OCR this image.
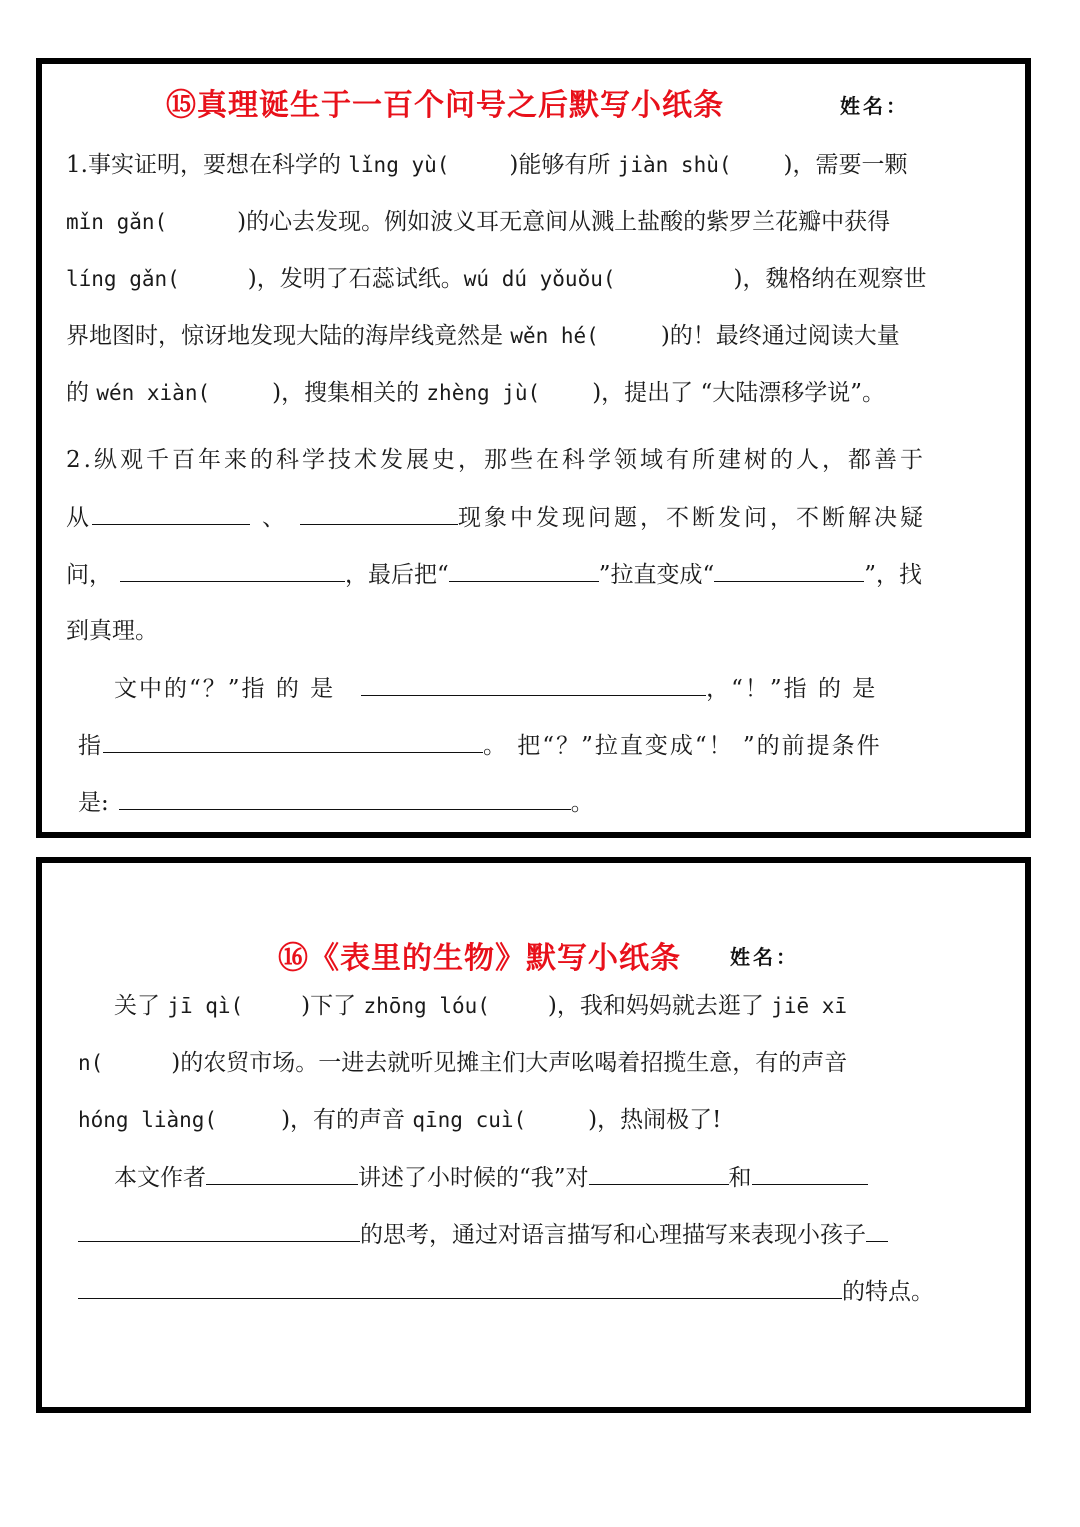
⑮真理诞生于一百个问号之后默写小纸条	姓名：
1.事实证明，要想在科学的 lǐng yù(	)能够有所 jiàn shù( )，需要一颗
mǐn gǎn(	)的心去发现。例如波义耳无意间从溅上盐酸的紫罗兰花瓣中获得
líng gǎn(	)，发明了石蕊试纸。wú dú yǒuǒu(	)，魏格纳在观察世
界地图时，惊讶地发现大陆的海岸线竟然是 wěn hé(	)的！最终通过阅读大量
的 wén xiàn(	)，搜集相关的 zhèng jù( )，提出了 “大陆漂移学说”。
2.纵观千百年来的科学技术发展史，那些在科学领域有所建树的人，都善于
从	、	现象中发现问题，不断发问，不断解决疑
问，	，最后把“	”拉直变成“	”，找
到真理。
文中的“？”指 的 是	，“！”指 的 是
指	。 把“？”拉直变成“！ ”的前提条件
是:	。
⑯《表里的生物》默写小纸条 姓名：
关了 jī qì(	)下了 zhōng lóu(	)，我和妈妈就去逛了 jiē xī
n(	)的农贸市场。一进去就听见摊主们大声吆喝着招揽生意，有的声音
hóng liàng(	)，有的声音 qīng cuì(	)，热闹极了!
本文作者	讲述了小时候的“我”对	和
的思考，通过对语言描写和心理描写来表现小孩子
的特点。
